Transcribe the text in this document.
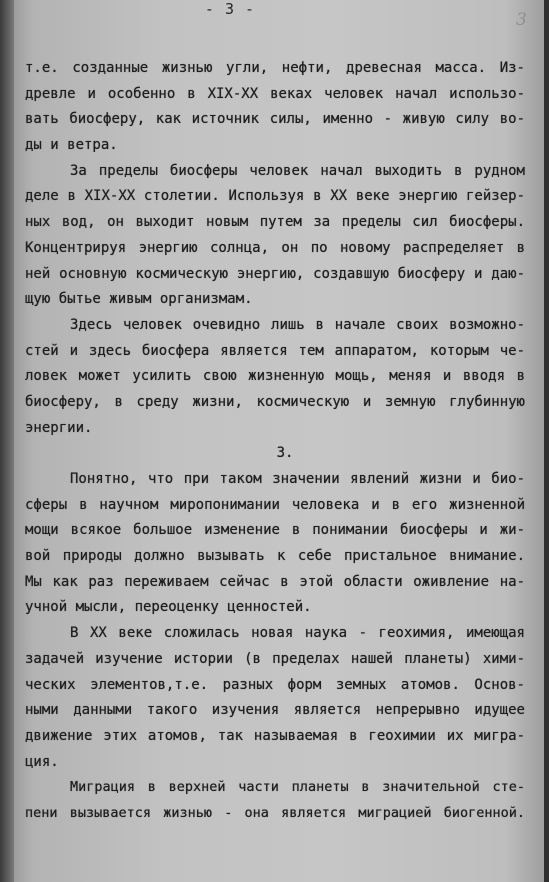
- 3 -
3
т.е. созданные жизнью угли, нефти, древесная масса. Из-
древле и особенно в XIX-XX веках человек начал использо-
вать биосферу, как источник силы, именно - живую силу во-
ды и ветра.
За пределы биосферы человек начал выходить в рудном
деле в XIX-XX столетии. Используя в XX веке энергию гейзер-
ных вод, он выходит новым путем за пределы сил биосферы.
Концентрируя энергию солнца, он по новому распределяет в
ней основную космическую энергию, создавшую биосферу и даю-
щую бытье живым организмам.
Здесь человек очевидно лишь в начале своих возможно-
стей и здесь биосфера является тем аппаратом, которым че-
ловек может усилить свою жизненную мощь, меняя и вводя в
биосферу, в среду жизни, космическую и земную глубинную
энергии.
3.
Понятно, что при таком значении явлений жизни и био-
сферы в научном миропонимании человека и в его жизненной
мощи всякое большое изменение в понимании биосферы и жи-
вой природы должно вызывать к себе пристальное внимание.
Мы как раз переживаем сейчас в этой области оживление на-
учной мысли, переоценку ценностей.
В XX веке сложилась новая наука - геохимия, имеющая
задачей изучение истории (в пределах нашей планеты) хими-
ческих элементов,т.е. разных форм земных атомов. Основ-
ными данными такого изучения является непрерывно идущее
движение этих атомов, так называемая в геохимии их мигра-
ция.
Миграция в верхней части планеты в значительной сте-
пени вызывается жизнью - она является миграцией биогенной.
